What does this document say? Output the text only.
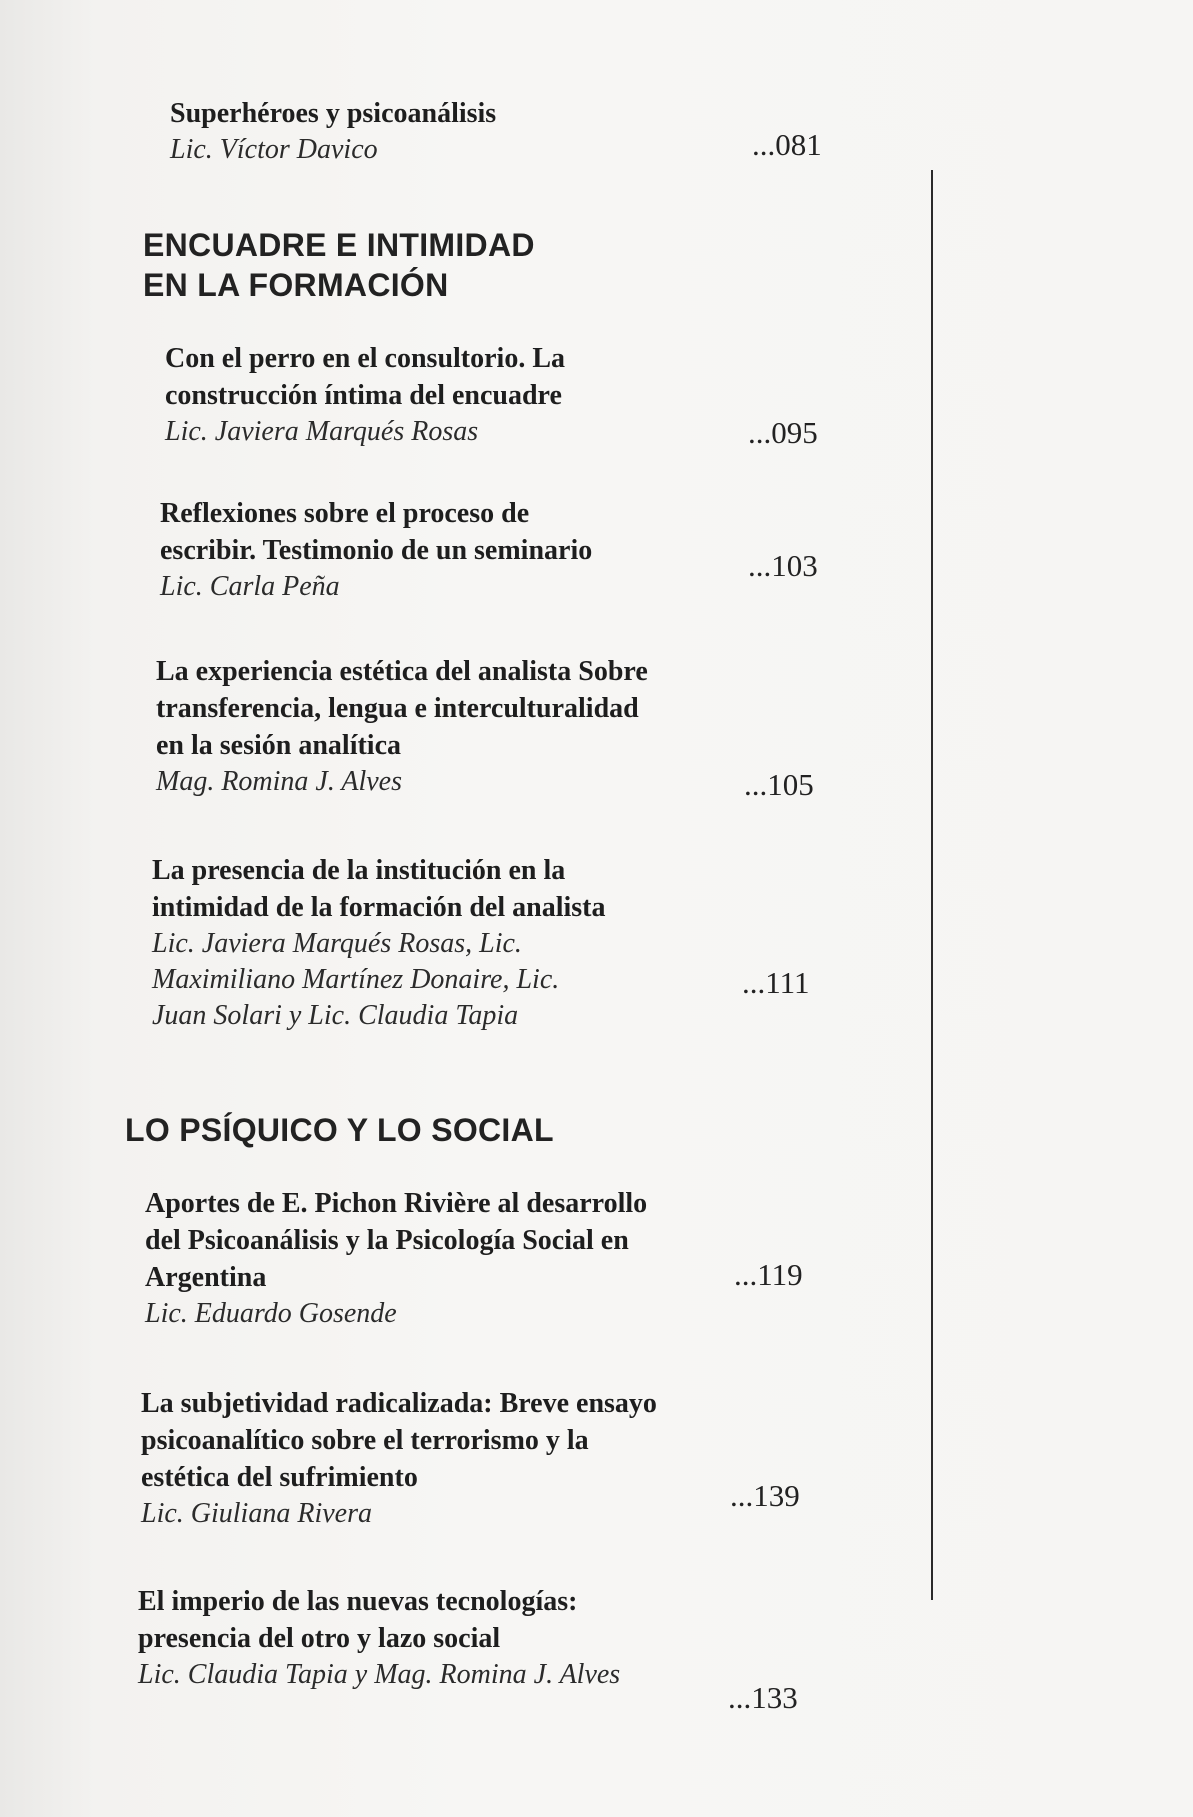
Superhéroes y psicoanálisis
Lic. Víctor Davico	...081
ENCUADRE E INTIMIDAD
EN LA FORMACIÓN
Con el perro en el consultorio. La
construcción íntima del encuadre
Lic. Javiera Marqués Rosas	...095
Reflexiones sobre el proceso de
escribir. Testimonio de un seminario
Lic. Carla Peña
...103
La experiencia estética del analista Sobre
transferencia, lengua e interculturalidad
en la sesión analítica
Mag. Romina J. Alves	...105
La presencia de la institución en la
intimidad de la formación del analista
Lic. Javiera Marqués Rosas, Lic.
Maximiliano Martínez Donaire, Lic.
Juan Solari y Lic. Claudia Tapia
...111
LO PSÍQUICO Y LO SOCIAL
Aportes de E. Pichon Rivière al desarrollo
del Psicoanálisis y la Psicología Social en
Argentina
Lic. Eduardo Gosende
...119
La subjetividad radicalizada: Breve ensayo
psicoanalítico sobre el terrorismo y la
estética del sufrimiento
Lic. Giuliana Rivera
...139
El imperio de las nuevas tecnologías:
presencia del otro y lazo social
Lic. Claudia Tapia y Mag. Romina J. Alves
...133
